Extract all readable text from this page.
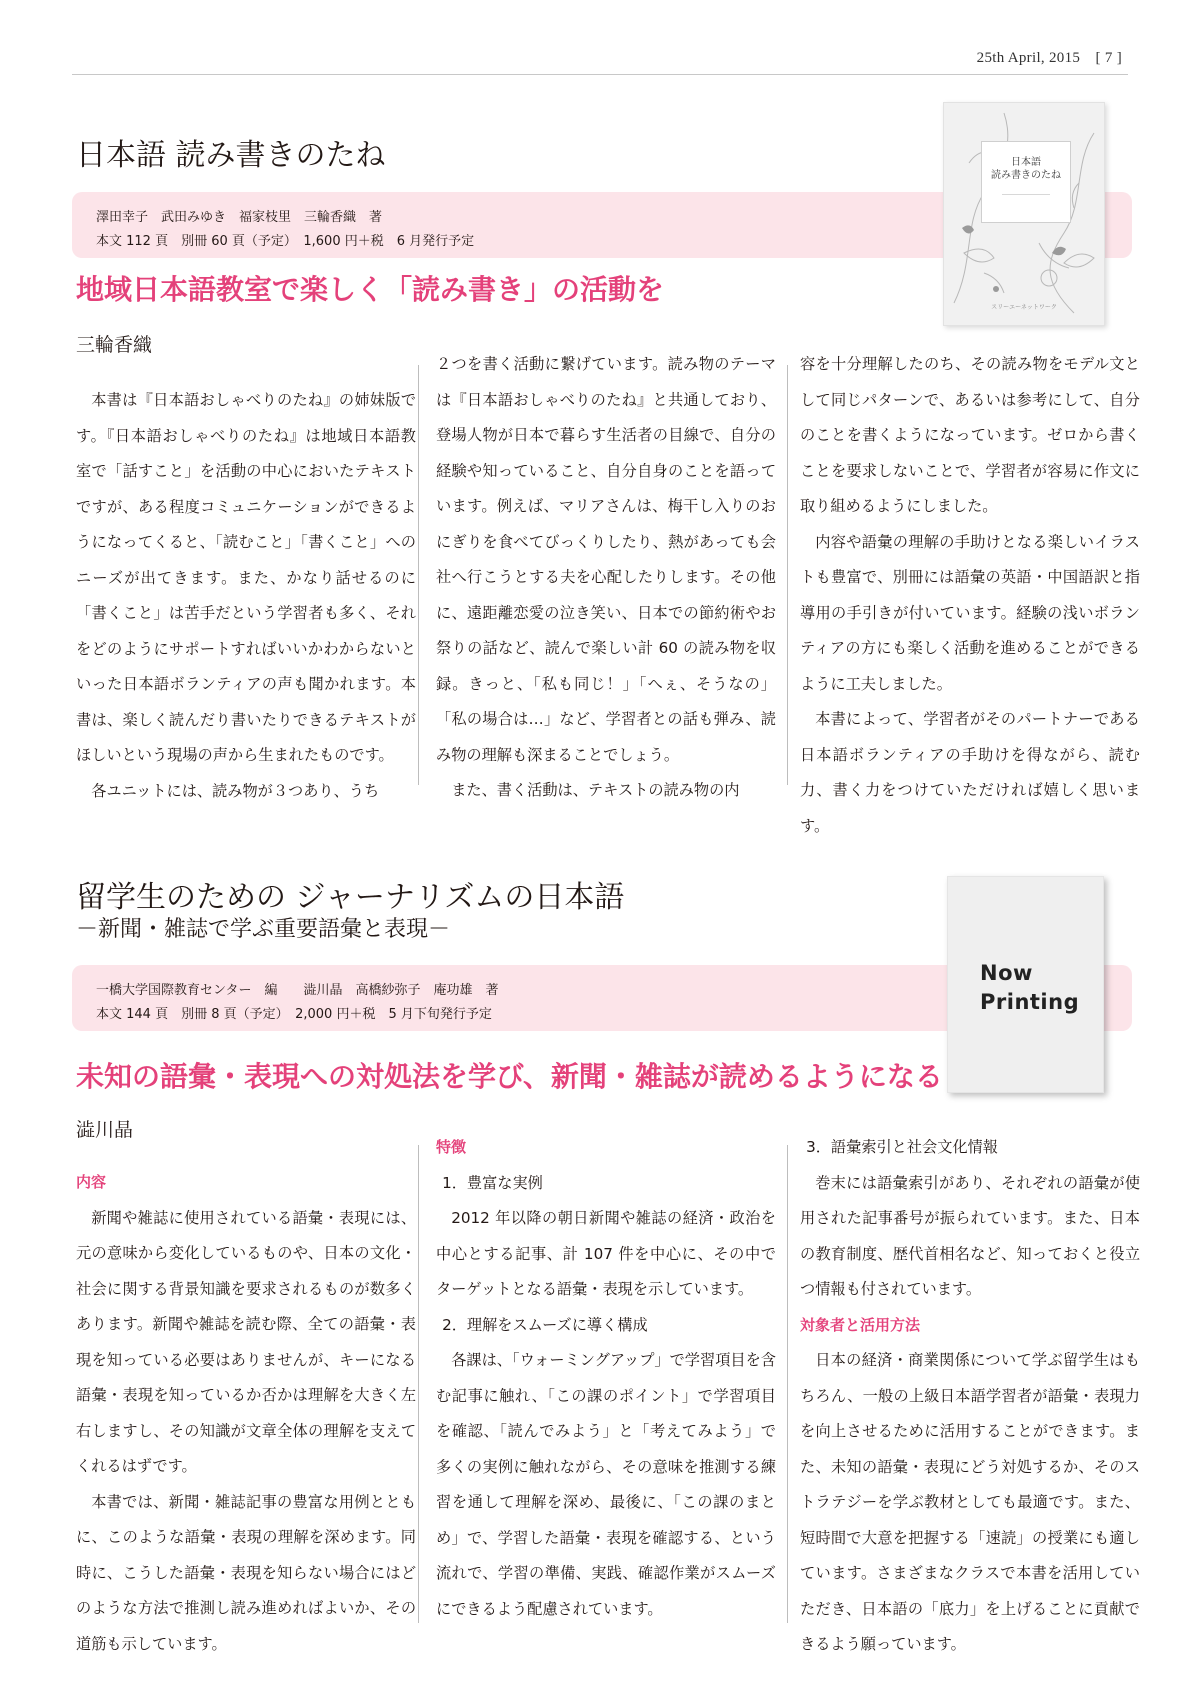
25th April, 2015　[ 7 ]
日本語 読み書きのたね
澤田幸子　武田みゆき　福家枝里　三輪香織　著
本文 112 頁　別冊 60 頁（予定）　1,600 円＋税　6 月発行予定
日本語
読み書きのたね
――――――――――――
スリーエーネットワーク
地域日本語教室で楽しく「読み書き」の活動を
三輪香織

本書は『日本語おしゃべりのたね』の姉妹版です。『日本語おしゃべりのたね』は地域日本語教室で「話すこと」を活動の中心においたテキストですが、ある程度コミュニケーションができるようになってくると、「読むこと」「書くこと」へのニーズが出てきます。また、かなり話せるのに「書くこと」は苦手だという学習者も多く、それをどのようにサポートすればいいかわからないといった日本語ボランティアの声も聞かれます。本書は、楽しく読んだり書いたりできるテキストがほしいという現場の声から生まれたものです。

各ユニットには、読み物が３つあり、うち

２つを書く活動に繋げています。読み物のテーマは『日本語おしゃべりのたね』と共通しており、登場人物が日本で暮らす生活者の目線で、自分の経験や知っていること、自分自身のことを語っています。例えば、マリアさんは、梅干し入りのおにぎりを食べてびっくりしたり、熱があっても会社へ行こうとする夫を心配したりします。その他に、遠距離恋愛の泣き笑い、日本での節約術やお祭りの話など、読んで楽しい計 60 の読み物を収録。きっと、「私も同じ！」「へぇ、そうなの」「私の場合は…」など、学習者との話も弾み、読み物の理解も深まることでしょう。

また、書く活動は、テキストの読み物の内

容を十分理解したのち、その読み物をモデル文として同じパターンで、あるいは参考にして、自分のことを書くようになっています。ゼロから書くことを要求しないことで、学習者が容易に作文に取り組めるようにしました。

内容や語彙の理解の手助けとなる楽しいイラストも豊富で、別冊には語彙の英語・中国語訳と指導用の手引きが付いています。経験の浅いボランティアの方にも楽しく活動を進めることができるように工夫しました。

本書によって、学習者がそのパートナーである日本語ボランティアの手助けを得ながら、読む力、書く力をつけていただければ嬉しく思います。

留学生のための ジャーナリズムの日本語
－新聞・雑誌で学ぶ重要語彙と表現－
一橋大学国際教育センター　編　　澁川晶　高橋紗弥子　庵功雄　著
本文 144 頁　別冊 8 頁（予定）　2,000 円＋税　5 月下旬発行予定
Now
Printing
未知の語彙・表現への対処法を学び、新聞・雑誌が読めるようになる
澁川晶

内容

新聞や雑誌に使用されている語彙・表現には、元の意味から変化しているものや、日本の文化・社会に関する背景知識を要求されるものが数多くあります。新聞や雑誌を読む際、全ての語彙・表現を知っている必要はありませんが、キーになる語彙・表現を知っているか否かは理解を大きく左右しますし、その知識が文章全体の理解を支えてくれるはずです。

本書では、新聞・雑誌記事の豊富な用例とともに、このような語彙・表現の理解を深めます。同時に、こうした語彙・表現を知らない場合にはどのような方法で推測し読み進めればよいか、その道筋も示しています。

特徴

1．豊富な実例

2012 年以降の朝日新聞や雑誌の経済・政治を中心とする記事、計 107 件を中心に、その中でターゲットとなる語彙・表現を示しています。

2．理解をスムーズに導く構成

各課は、「ウォーミングアップ」で学習項目を含む記事に触れ、「この課のポイント」で学習項目を確認、「読んでみよう」と「考えてみよう」で多くの実例に触れながら、その意味を推測する練習を通して理解を深め、最後に、「この課のまとめ」で、学習した語彙・表現を確認する、という流れで、学習の準備、実践、確認作業がスムーズにできるよう配慮されています。

3．語彙索引と社会文化情報

巻末には語彙索引があり、それぞれの語彙が使用された記事番号が振られています。また、日本の教育制度、歴代首相名など、知っておくと役立つ情報も付されています。

対象者と活用方法

日本の経済・商業関係について学ぶ留学生はもちろん、一般の上級日本語学習者が語彙・表現力を向上させるために活用することができます。また、未知の語彙・表現にどう対処するか、そのストラテジーを学ぶ教材としても最適です。また、短時間で大意を把握する「速読」の授業にも適しています。さまざまなクラスで本書を活用していただき、日本語の「底力」を上げることに貢献できるよう願っています。
